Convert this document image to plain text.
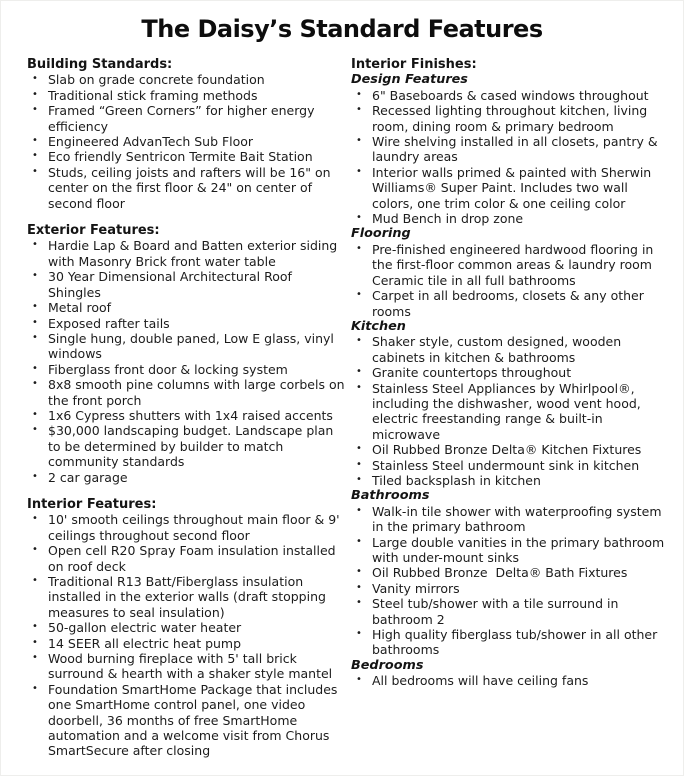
The Daisy’s Standard Features
Building Standards:
• Slab on grade concrete foundation
• Traditional stick framing methods
• Framed “Green Corners” for higher energy efficiency
• Engineered AdvanTech Sub Floor
• Eco friendly Sentricon Termite Bait Station
• Studs, ceiling joists and rafters will be 16" on center on the first floor & 24" on center of second floor
Exterior Features:
• Hardie Lap & Board and Batten exterior siding with Masonry Brick front water table
• 30 Year Dimensional Architectural Roof Shingles
• Metal roof
• Exposed rafter tails
• Single hung, double paned, Low E glass, vinyl windows
• Fiberglass front door & locking system
• 8x8 smooth pine columns with large corbels on the front porch
• 1x6 Cypress shutters with 1x4 raised accents
• $30,000 landscaping budget. Landscape plan to be determined by builder to match community standards
• 2 car garage
Interior Features:
• 10' smooth ceilings throughout main floor & 9' ceilings throughout second floor
• Open cell R20 Spray Foam insulation installed on roof deck
• Traditional R13 Batt/Fiberglass insulation installed in the exterior walls (draft stopping measures to seal insulation)
• 50-gallon electric water heater
• 14 SEER all electric heat pump
• Wood burning fireplace with 5' tall brick surround & hearth with a shaker style mantel
• Foundation SmartHome Package that includes one SmartHome control panel, one video doorbell, 36 months of free SmartHome automation and a welcome visit from Chorus SmartSecure after closing
Interior Finishes:
Design Features
• 6" Baseboards & cased windows throughout
• Recessed lighting throughout kitchen, living room, dining room & primary bedroom
• Wire shelving installed in all closets, pantry & laundry areas
• Interior walls primed & painted with Sherwin Williams® Super Paint. Includes two wall colors, one trim color & one ceiling color
• Mud Bench in drop zone
Flooring
• Pre-finished engineered hardwood flooring in the first-floor common areas & laundry room Ceramic tile in all full bathrooms
• Carpet in all bedrooms, closets & any other rooms
Kitchen
• Shaker style, custom designed, wooden cabinets in kitchen & bathrooms
• Granite countertops throughout
• Stainless Steel Appliances by Whirlpool®, including the dishwasher, wood vent hood, electric freestanding range & built-in microwave
• Oil Rubbed Bronze Delta® Kitchen Fixtures
• Stainless Steel undermount sink in kitchen
• Tiled backsplash in kitchen
Bathrooms
• Walk-in tile shower with waterproofing system in the primary bathroom
• Large double vanities in the primary bathroom with under-mount sinks
• Oil Rubbed Bronze  Delta® Bath Fixtures
• Vanity mirrors
• Steel tub/shower with a tile surround in bathroom 2
• High quality fiberglass tub/shower in all other bathrooms
Bedrooms
• All bedrooms will have ceiling fans
